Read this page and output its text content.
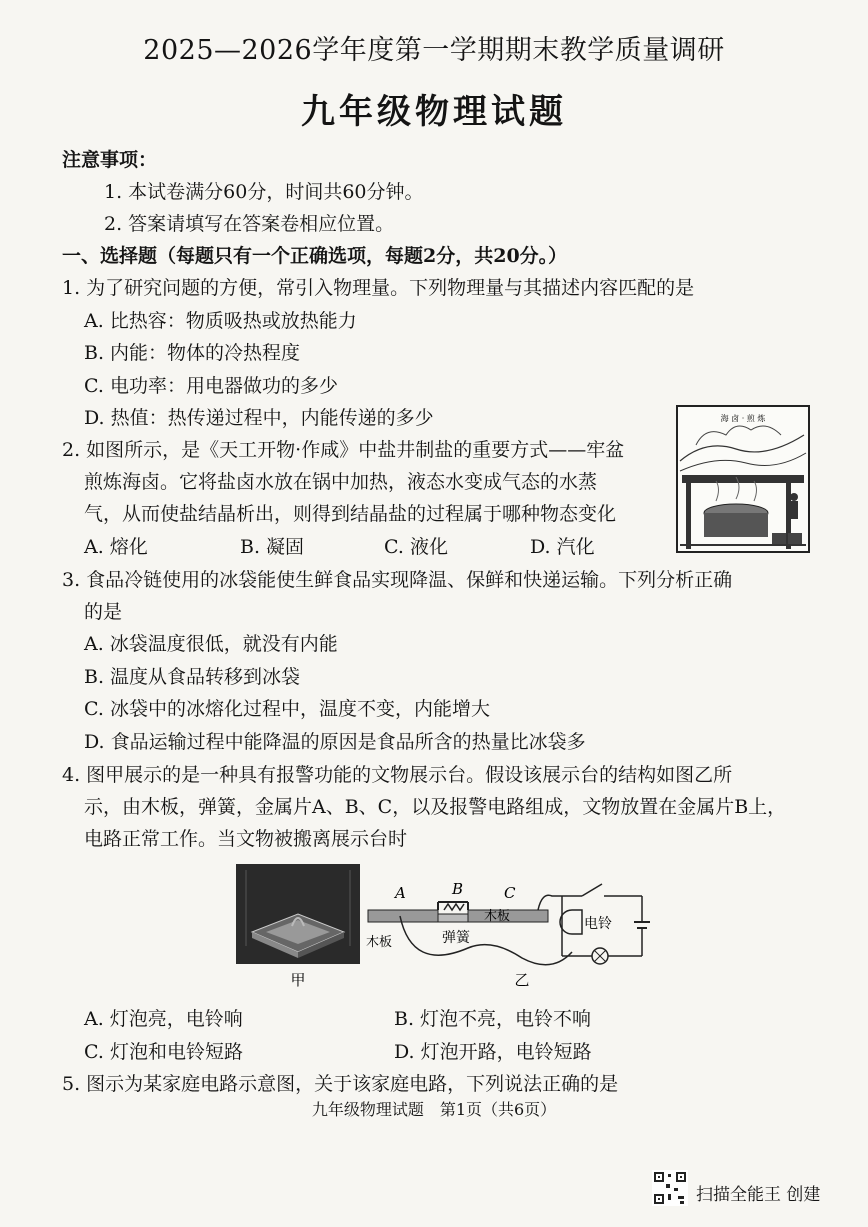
2025—2026学年度第一学期期末教学质量调研
九年级物理试题
注意事项：
1. 本试卷满分60分，时间共60分钟。
2. 答案请填写在答案卷相应位置。
一、选择题（每题只有一个正确选项，每题2分，共20分。）
1. 为了研究问题的方便，常引入物理量。下列物理量与其描述内容匹配的是
A. 比热容：物质吸热或放热能力
B. 内能：物体的冷热程度
C. 电功率：用电器做功的多少
D. 热值：热传递过程中，内能传递的多少
2. 如图所示，是《天工开物·作咸》中盐井制盐的重要方式——牢盆
煎炼海卤。它将盐卤水放在锅中加热，液态水变成气态的水蒸
气，从而使盐结晶析出，则得到结晶盐的过程属于哪种物态变化
A. 熔化	B. 凝固	C. 液化	D. 汽化
海 卤 · 煎 炼
3. 食品冷链使用的冰袋能使生鲜食品实现降温、保鲜和快递运输。下列分析正确
的是
A. 冰袋温度很低，就没有内能
B. 温度从食品转移到冰袋
C. 冰袋中的冰熔化过程中，温度不变，内能增大
D. 食品运输过程中能降温的原因是食品所含的热量比冰袋多
4. 图甲展示的是一种具有报警功能的文物展示台。假设该展示台的结构如图乙所
示，由木板，弹簧，金属片A、B、C，以及报警电路组成，文物放置在金属片B上，
电路正常工作。当文物被搬离展示台时
甲
A	B	C
木板
木板	弹簧
电铃
乙
A. 灯泡亮，电铃响	B. 灯泡不亮，电铃不响
C. 灯泡和电铃短路	D. 灯泡开路，电铃短路
5. 图示为某家庭电路示意图，关于该家庭电路，下列说法正确的是
九年级物理试题　第1页（共6页）
扫描全能王 创建
